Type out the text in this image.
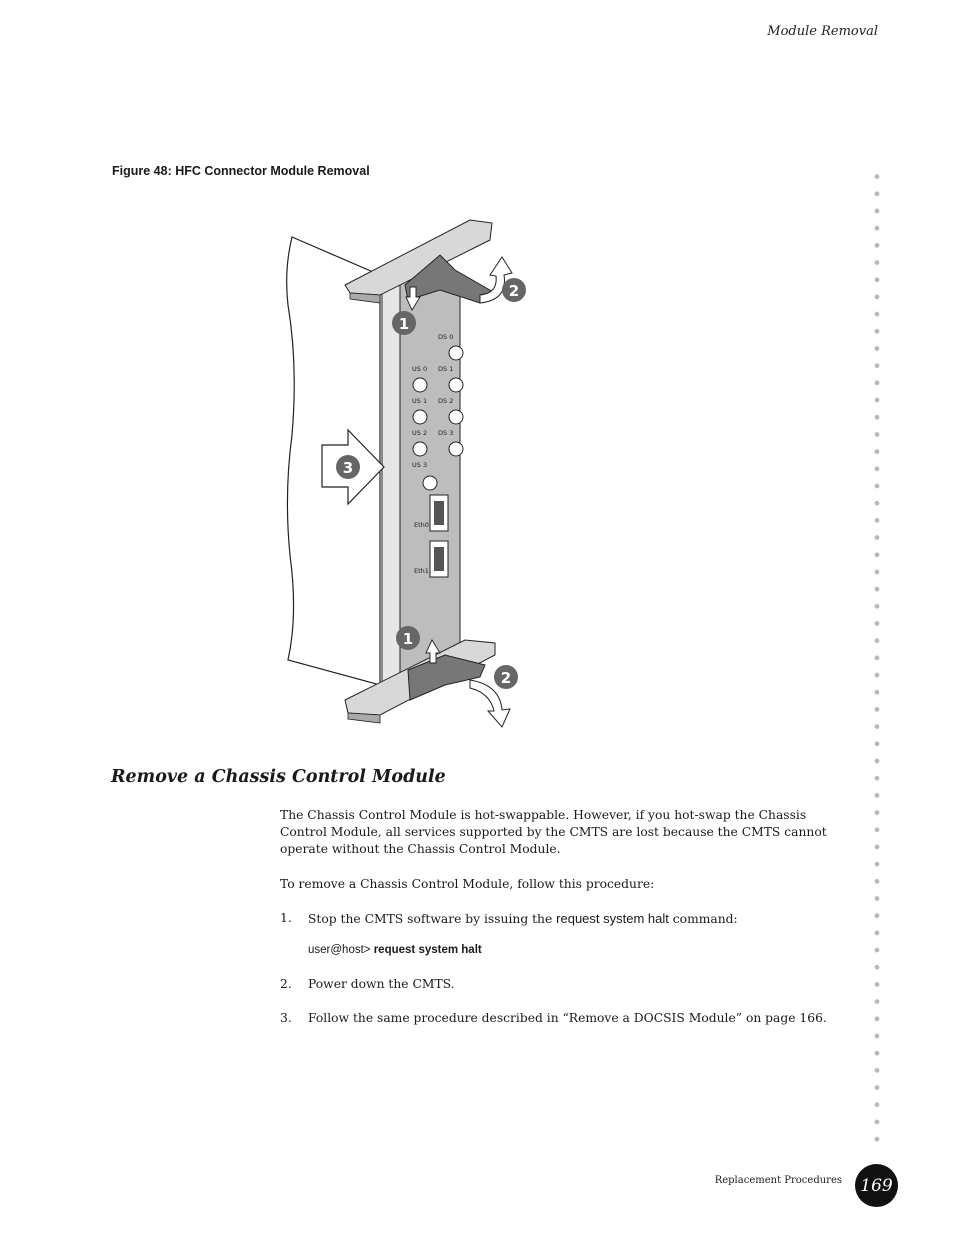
Module Removal
Figure 48: HFC Connector Module Removal
DS 0
US 0 DS 1
US 1 DS 2
US 2 DS 3
US 3
Eth0
Eth1
1
2
3
1
2
Remove a Chassis Control Module
The Chassis Control Module is hot-swappable. However, if you hot-swap the Chassis Control Module, all services supported by the CMTS are lost because the CMTS cannot operate without the Chassis Control Module.
To remove a Chassis Control Module, follow this procedure:
1. Stop the CMTS software by issuing the request system halt command:
user@host> request system halt
2. Power down the CMTS.
3. Follow the same procedure described in “Remove a DOCSIS Module” on page 166.
Replacement Procedures	169
